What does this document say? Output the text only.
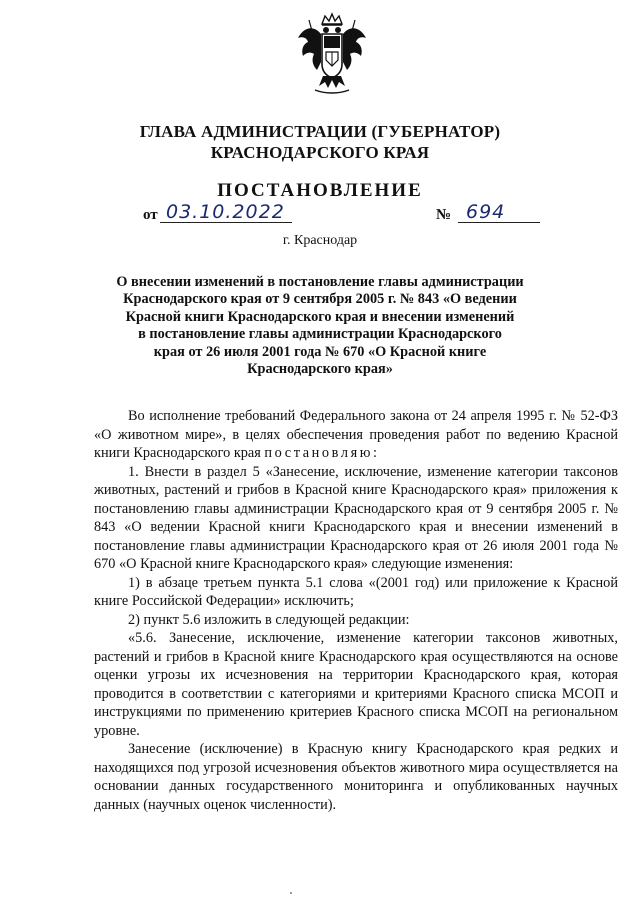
ГЛАВА АДМИНИСТРАЦИИ (ГУБЕРНАТОР)
КРАСНОДАРСКОГО КРАЯ
ПОСТАНОВЛЕНИЕ
от 03.10.2022	№ 694
г. Краснодар
О внесении изменений в постановление главы администрации
Краснодарского края от 9 сентября 2005 г. № 843 «О ведении
Красной книги Краснодарского края и внесении изменений
в постановление главы администрации Краснодарского
края от 26 июля 2001 года № 670 «О Красной книге
Краснодарского края»

Во исполнение требований Федерального закона от 24 апреля 1995 г. № 52-ФЗ «О животном мире», в целях обеспечения проведения работ по ведению Красной книги Краснодарского края постановляю:

1. Внести в раздел 5 «Занесение, исключение, изменение категории таксонов животных, растений и грибов в Красной книге Краснодарского края» приложения к постановлению главы администрации Краснодарского края от 9 сентября 2005 г. № 843 «О ведении Красной книги Краснодарского края и внесении изменений в постановление главы администрации Краснодарского края от 26 июля 2001 года № 670 «О Красной книге Краснодарского края» следующие изменения:

1) в абзаце третьем пункта 5.1 слова «(2001 год) или приложение к Красной книге Российской Федерации» исключить;

2) пункт 5.6 изложить в следующей редакции:

«5.6. Занесение, исключение, изменение категории таксонов животных, растений и грибов в Красной книге Краснодарского края осуществляются на основе оценки угрозы их исчезновения на территории Краснодарского края, которая проводится в соответствии с категориями и критериями Красного списка МСОП и инструкциями по применению критериев Красного списка МСОП на региональном уровне.

Занесение (исключение) в Красную книгу Краснодарского края редких и находящихся под угрозой исчезновения объектов животного мира осуществляется на основании данных государственного мониторинга и опубликованных научных данных (научных оценок численности).
